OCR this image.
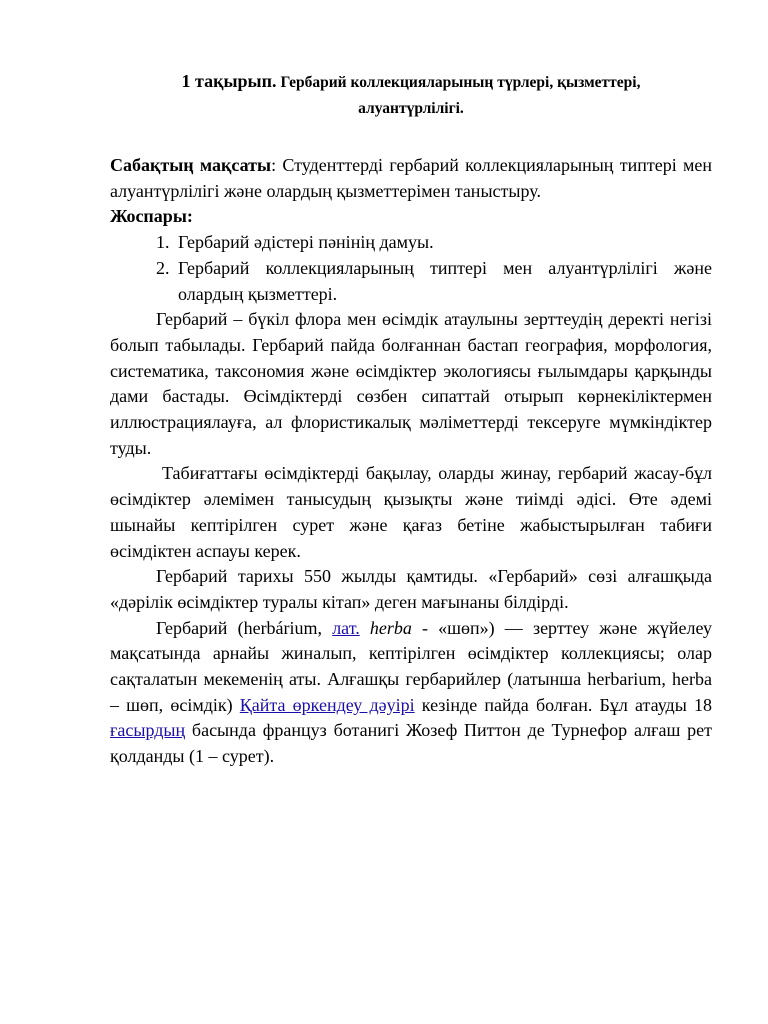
1 тақырып. Гербарий коллекцияларының түрлері, қызметтері,
алуантүрлілігі.

Сабақтың мақсаты: Студенттерді гербарий коллекцияларының типтері мен алуантүрлілігі және олардың қызметтерімен таныстыру.

Жоспары:

1. Гербарий әдістері пәнінің дамуы.
2. Гербарий коллекцияларының типтері мен алуантүрлілігі және олардың қызметтері.

Гербарий – бүкіл флора мен өсімдік атаулыны зерттеудің деректі негізі болып табылады. Гербарий пайда болғаннан бастап география, морфология, систематика, таксономия және өсімдіктер экологиясы ғылымдары қарқынды дами бастады. Өсімдіктерді сөзбен сипаттай отырып көрнекіліктермен иллюстрациялауға, ал флористикалық мәліметтерді тексеруге мүмкіндіктер туды.

Табиғаттағы өсімдіктерді бақылау, оларды жинау, гербарий жасау-бұл өсімдіктер әлемімен танысудың қызықты және тиімді әдісі. Өте әдемі шынайы кептірілген сурет және қағаз бетіне жабыстырылған табиғи өсімдіктен аспауы керек.

Гербарий тарихы 550 жылды қамтиды. «Гербарий» сөзі алғашқыда «дәрілік өсімдіктер туралы кітап» деген мағынаны білдірді.

Гербарий (herbárium, лат. herba - «шөп») — зерттеу және жүйелеу мақсатында арнайы жиналып, кептірілген өсімдіктер коллекциясы; олар сақталатын мекеменің аты. Алғашқы гербарийлер (латынша herbarium, herba – шөп, өсімдік) Қайта өркендеу дәуірі кезінде пайда болған. Бұл атауды 18 ғасырдың басында француз ботанигі Жозеф Питтон де Турнефор алғаш рет қолданды (1 – сурет).
